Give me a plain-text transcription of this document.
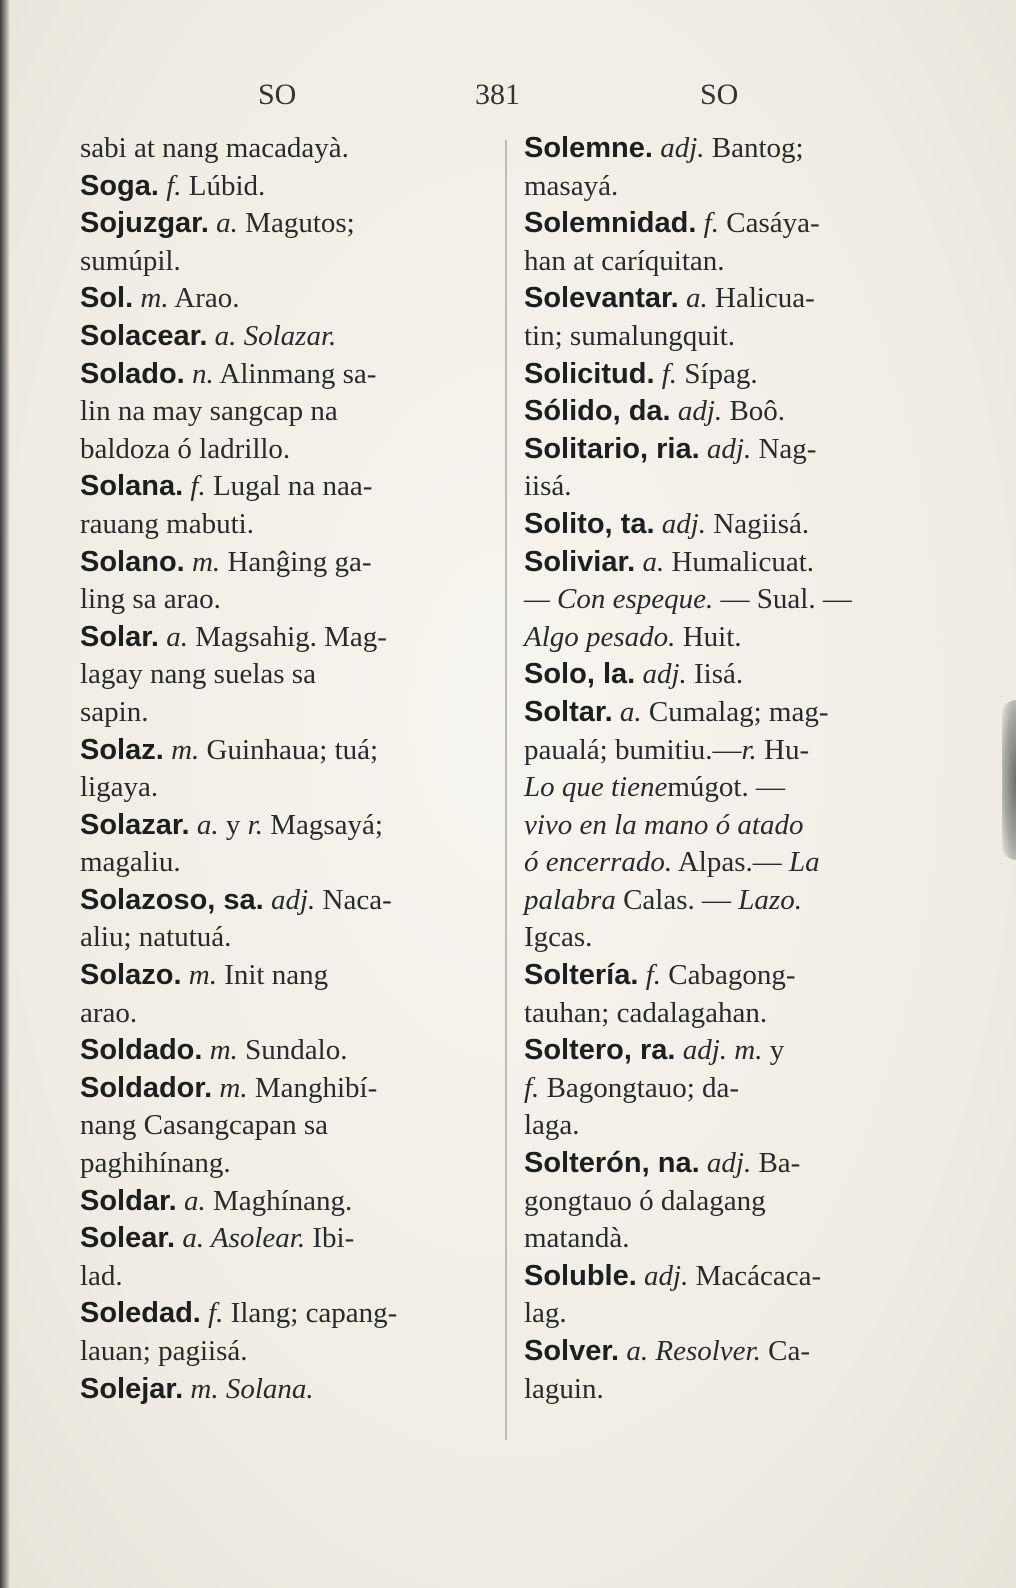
SO	381	SO
sabi at nang macadayà.
Soga. f. Lúbid.
Sojuzgar. a. Magutos;
sumúpil.
Sol. m. Arao.
Solacear. a. Solazar.
Solado. n. Alinmang sa-
lin na may sangcap na
baldoza ó ladrillo.
Solana. f. Lugal na naa-
rauang mabuti.
Solano. m. Hanĝing ga-
ling sa arao.
Solar. a. Magsahig. Mag-
lagay nang suelas sa
sapin.
Solaz. m. Guinhaua; tuá;
ligaya.
Solazar. a. y r. Magsayá;
magaliu.
Solazoso, sa. adj. Naca-
aliu; natutuá.
Solazo. m. Init nang
arao.
Soldado. m. Sundalo.
Soldador. m. Manghibí-
nang Casangcapan sa
paghihínang.
Soldar. a. Maghínang.
Solear. a. Asolear. Ibi-
lad.
Soledad. f. Ilang; capang-
lauan; pagiisá.
Solejar. m. Solana.
Solemne. adj. Bantog;
masayá.
Solemnidad. f. Casáya-
han at caríquitan.
Solevantar. a. Halicua-
tin; sumalungquit.
Solicitud. f. Sípag.
Sólido, da. adj. Boô.
Solitario, ria. adj. Nag-
iisá.
Solito, ta. adj. Nagiisá.
Soliviar. a. Humalicuat.
— Con espeque. — Sual. —
Algo pesado. Huit.
Solo, la. adj. Iisá.
Soltar. a. Cumalag; mag-
paualá; bumitiu.—r. Hu-
Lo que tienemúgot. —
vivo en la mano ó atado
ó encerrado. Alpas.— La
palabra Calas. — Lazo.
Igcas.
Soltería. f. Cabagong-
tauhan; cadalagahan.
Soltero, ra. adj. m. y
f. Bagongtauo; da-
laga.
Solterón, na. adj. Ba-
gongtauo ó dalagang
matandà.
Soluble. adj. Macácaca-
lag.
Solver. a. Resolver. Ca-
laguin.
